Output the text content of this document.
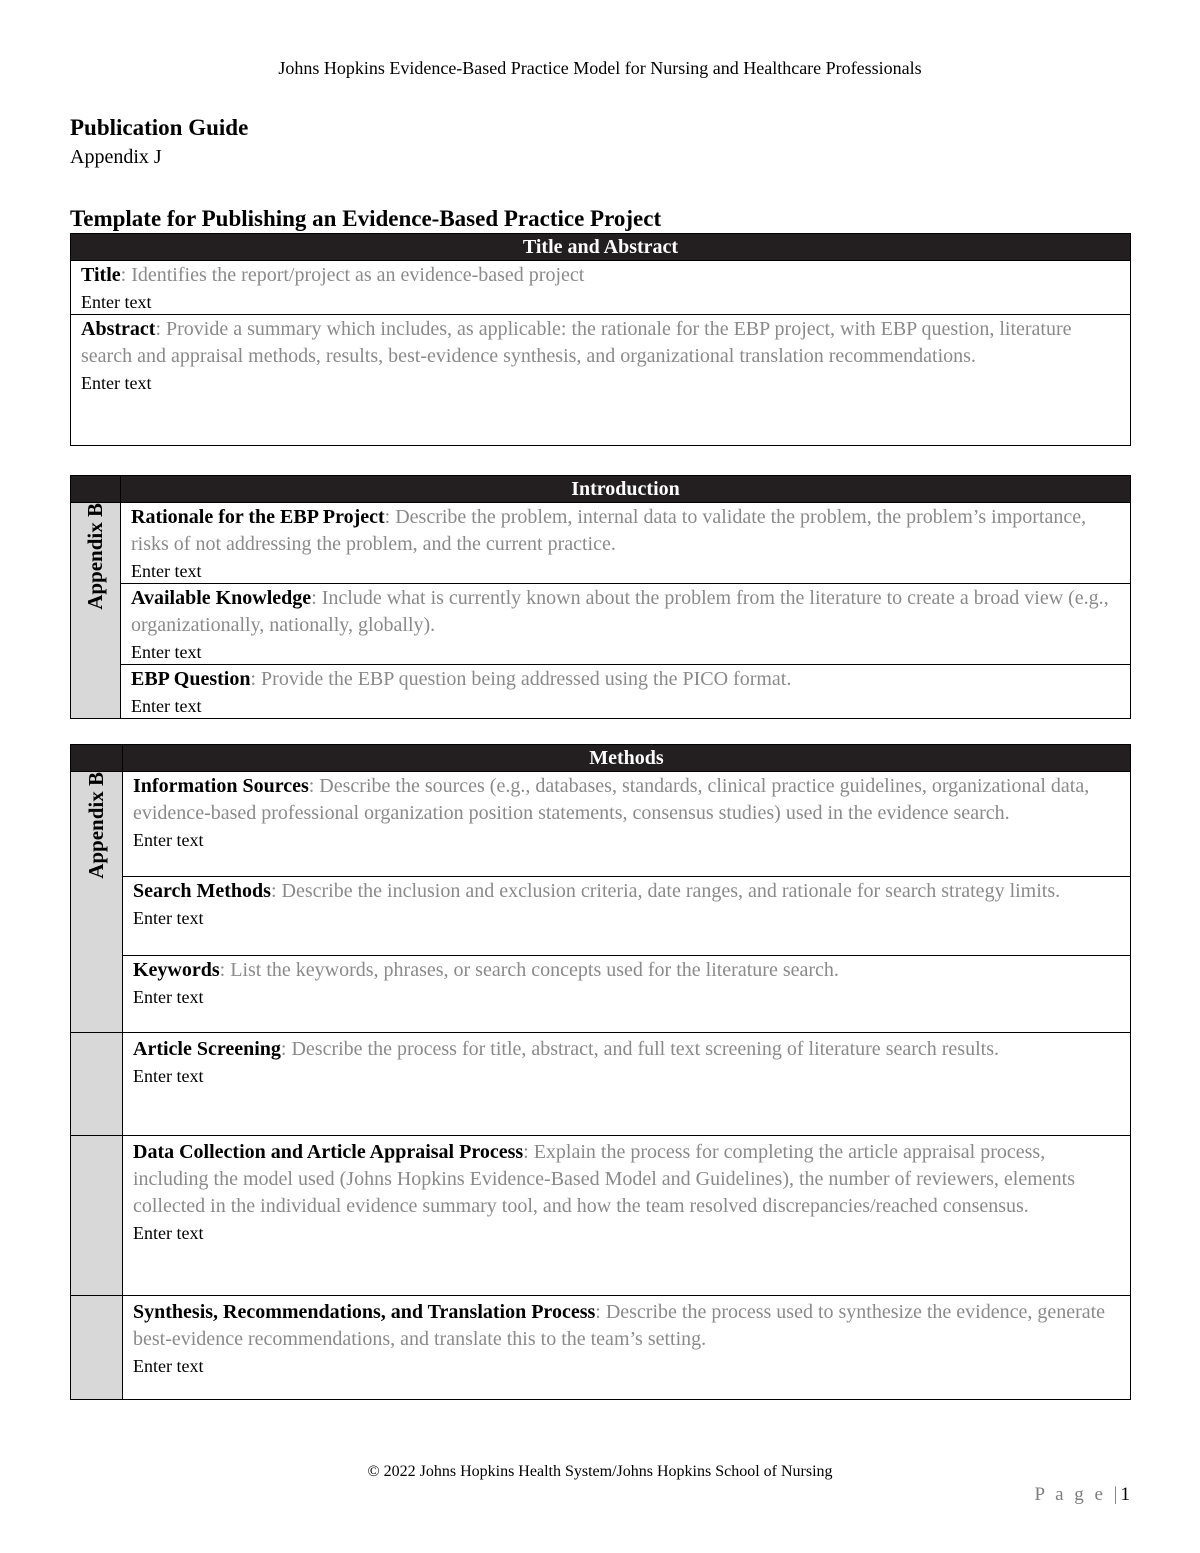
Johns Hopkins Evidence-Based Practice Model for Nursing and Healthcare Professionals
Publication Guide
Appendix J
Template for Publishing an Evidence-Based Practice Project
Title and Abstract

Title: Identifies the report/project as an evidence-based project
Enter text

Abstract: Provide a summary which includes, as applicable: the rationale for the EBP project, with EBP question, literature search and appraisal methods, results, best-evidence synthesis, and organizational translation recommendations.
Enter text
	Introduction

Appendix B	Rationale for the EBP Project: Describe the problem, internal data to validate the problem, the problem’s importance, risks of not addressing the problem, and the current practice.
Enter text

	Available Knowledge: Include what is currently known about the problem from the literature to create a broad view (e.g., organizationally, nationally, globally).
Enter text

	EBP Question: Provide the EBP question being addressed using the PICO format.
Enter text
	Methods

Appendix B	Information Sources: Describe the sources (e.g., databases, standards, clinical practice guidelines, organizational data, evidence-based professional organization position statements, consensus studies) used in the evidence search.
Enter text

	Search Methods: Describe the inclusion and exclusion criteria, date ranges, and rationale for search strategy limits.
Enter text

	Keywords: List the keywords, phrases, or search concepts used for the literature search.
Enter text

	Article Screening: Describe the process for title, abstract, and full text screening of literature search results.
Enter text

	Data Collection and Article Appraisal Process: Explain the process for completing the article appraisal process, including the model used (Johns Hopkins Evidence-Based Model and Guidelines), the number of reviewers, elements collected in the individual evidence summary tool, and how the team resolved discrepancies/reached consensus.
Enter text

	Synthesis, Recommendations, and Translation Process: Describe the process used to synthesize the evidence, generate best-evidence recommendations, and translate this to the team’s setting.
Enter text
© 2022 Johns Hopkins Health System/Johns Hopkins School of Nursing
P a g e |1
